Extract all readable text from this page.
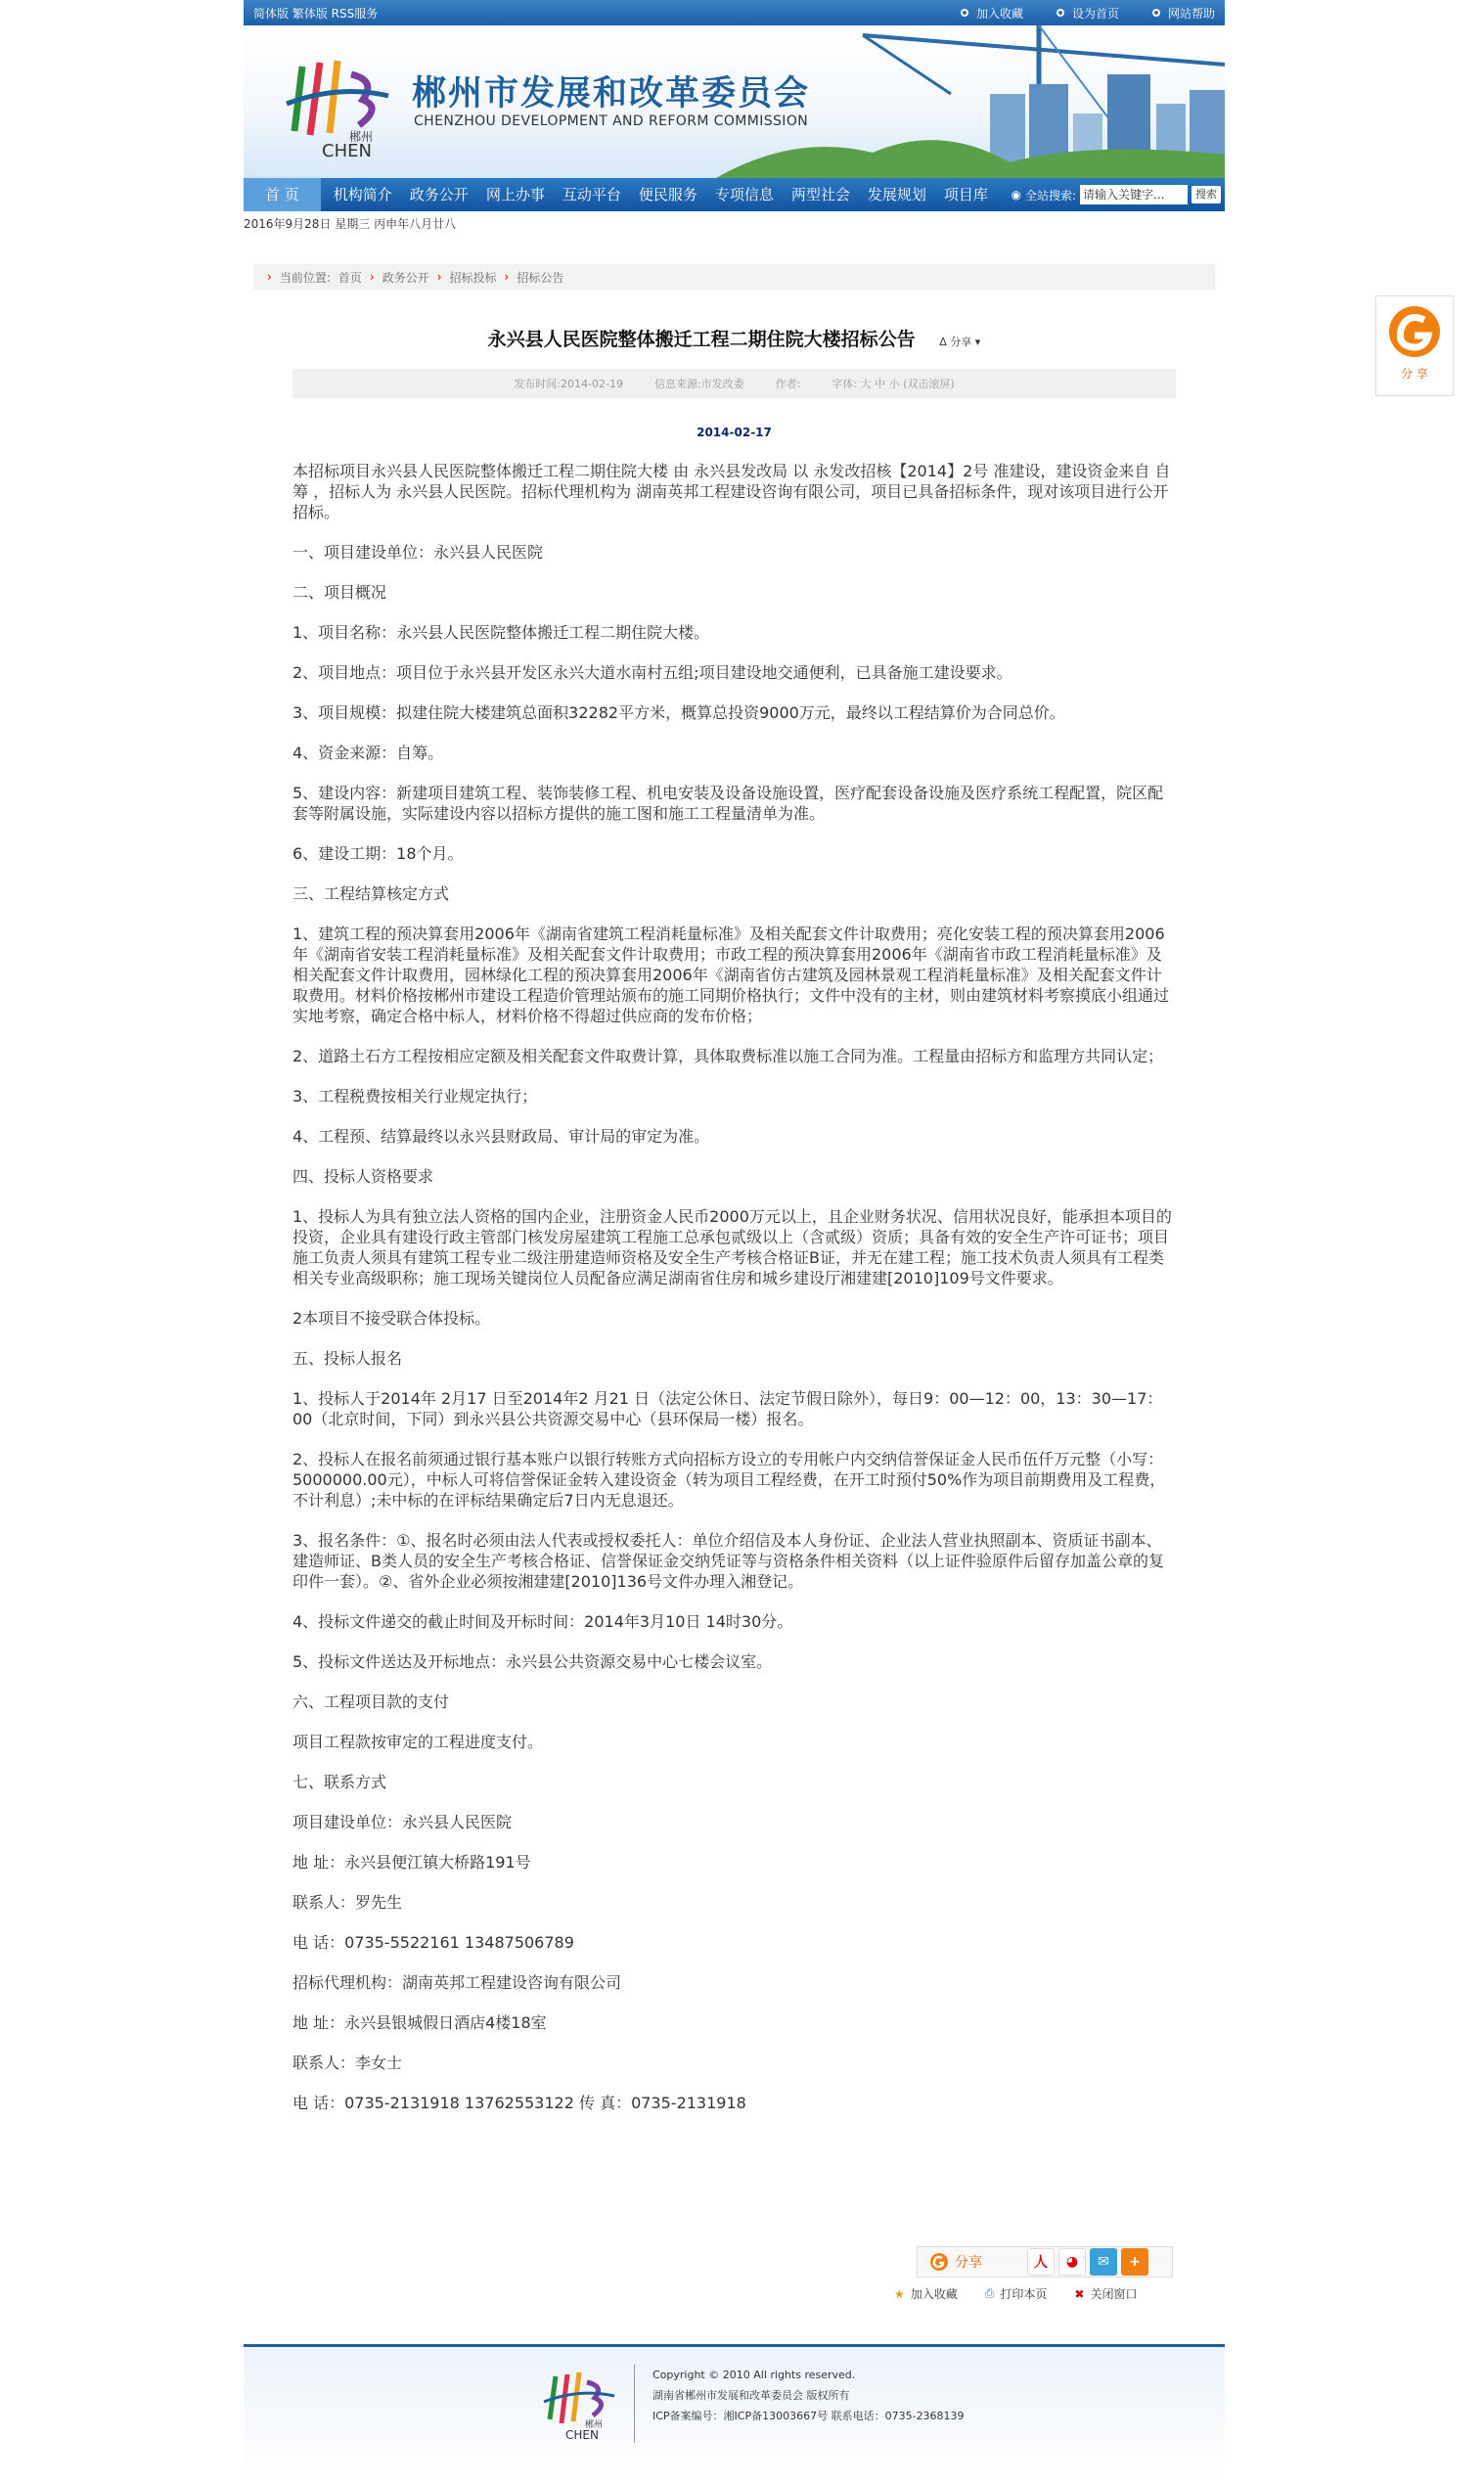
简体版 繁体版 RSS服务	加入收藏	设为首页	网站帮助
郴州
CHEN
郴州市发展和改革委员会
CHENZHOU DEVELOPMENT AND REFORM COMMISSION
首 页	机构简介	政务公开	网上办事	互动平台	便民服务	专项信息	两型社会	发展规划	项目库	◉ 全站搜索: 请输入关键字...	搜索
2016年9月28日 星期三 丙申年八月廿八
› 当前位置: 首页 › 政务公开 › 招标投标 › 招标公告
永兴县人民医院整体搬迁工程二期住院大楼招标公告 ᐃ 分享 ▾
发布时间:2014-02-19	信息来源:市发改委	作者:	字体: 大 中 小 (双击滚屏)
2014-02-17

本招标项目永兴县人民医院整体搬迁工程二期住院大楼 由 永兴县发改局 以 永发改招核【2014】2号 准建设，建设资金来自 自筹 ，招标人为 永兴县人民医院。招标代理机构为 湖南英邦工程建设咨询有限公司，项目已具备招标条件，现对该项目进行公开招标。

一、项目建设单位：永兴县人民医院

二、项目概况

1、项目名称：永兴县人民医院整体搬迁工程二期住院大楼。

2、项目地点：项目位于永兴县开发区永兴大道水南村五组;项目建设地交通便利，已具备施工建设要求。

3、项目规模：拟建住院大楼建筑总面积32282平方米，概算总投资9000万元，最终以工程结算价为合同总价。

4、资金来源：自筹。

5、建设内容：新建项目建筑工程、装饰装修工程、机电安装及设备设施设置，医疗配套设备设施及医疗系统工程配置，院区配套等附属设施，实际建设内容以招标方提供的施工图和施工工程量清单为准。

6、建设工期：18个月。

三、工程结算核定方式

1、建筑工程的预决算套用2006年《湖南省建筑工程消耗量标准》及相关配套文件计取费用；亮化安装工程的预决算套用2006年《湖南省安装工程消耗量标准》及相关配套文件计取费用；市政工程的预决算套用2006年《湖南省市政工程消耗量标准》及相关配套文件计取费用，园林绿化工程的预决算套用2006年《湖南省仿古建筑及园林景观工程消耗量标准》及相关配套文件计取费用。材料价格按郴州市建设工程造价管理站颁布的施工同期价格执行；文件中没有的主材，则由建筑材料考察摸底小组通过实地考察，确定合格中标人，材料价格不得超过供应商的发布价格；

2、道路土石方工程按相应定额及相关配套文件取费计算，具体取费标准以施工合同为准。工程量由招标方和监理方共同认定；

3、工程税费按相关行业规定执行；

4、工程预、结算最终以永兴县财政局、审计局的审定为准。

四、投标人资格要求

1、投标人为具有独立法人资格的国内企业，注册资金人民币2000万元以上，且企业财务状况、信用状况良好，能承担本项目的投资，企业具有建设行政主管部门核发房屋建筑工程施工总承包贰级以上（含贰级）资质；具备有效的安全生产许可证书；项目施工负责人须具有建筑工程专业二级注册建造师资格及安全生产考核合格证B证，并无在建工程；施工技术负责人须具有工程类相关专业高级职称；施工现场关键岗位人员配备应满足湖南省住房和城乡建设厅湘建建[2010]109号文件要求。

2本项目不接受联合体投标。

五、投标人报名

1、投标人于2014年 2月17 日至2014年2 月21 日（法定公休日、法定节假日除外），每日9：00—12：00，13：30—17：00（北京时间，下同）到永兴县公共资源交易中心（县环保局一楼）报名。

2、投标人在报名前须通过银行基本账户以银行转账方式向招标方设立的专用帐户内交纳信誉保证金人民币伍仟万元整（小写：5000000.00元），中标人可将信誉保证金转入建设资金（转为项目工程经费，在开工时预付50%作为项目前期费用及工程费，不计利息）;未中标的在评标结果确定后7日内无息退还。

3、报名条件：①、报名时必须由法人代表或授权委托人：单位介绍信及本人身份证、企业法人营业执照副本、资质证书副本、建造师证、B类人员的安全生产考核合格证、信誉保证金交纳凭证等与资格条件相关资料（以上证件验原件后留存加盖公章的复印件一套）。②、省外企业必须按湘建建[2010]136号文件办理入湘登记。

4、投标文件递交的截止时间及开标时间：2014年3月10日 14时30分。

5、投标文件送达及开标地点：永兴县公共资源交易中心七楼会议室。

六、工程项目款的支付

项目工程款按审定的工程进度支付。

七、联系方式

项目建设单位：永兴县人民医院

地 址：永兴县便江镇大桥路191号

联系人：罗先生

电 话：0735-5522161 13487506789

招标代理机构：湖南英邦工程建设咨询有限公司

地 址：永兴县银城假日酒店4楼18室

联系人：李女士

电 话：0735-2131918 13762553122 传 真：0735-2131918

分 享
分享	人	◕	✉	+
★ 加入收藏 ⎙ 打印本页 ✖ 关闭窗口
郴州
CHEN
Copyright © 2010 All rights reserved.
湖南省郴州市发展和改革委员会 版权所有
ICP备案编号：湘ICP备13003667号 联系电话：0735-2368139
